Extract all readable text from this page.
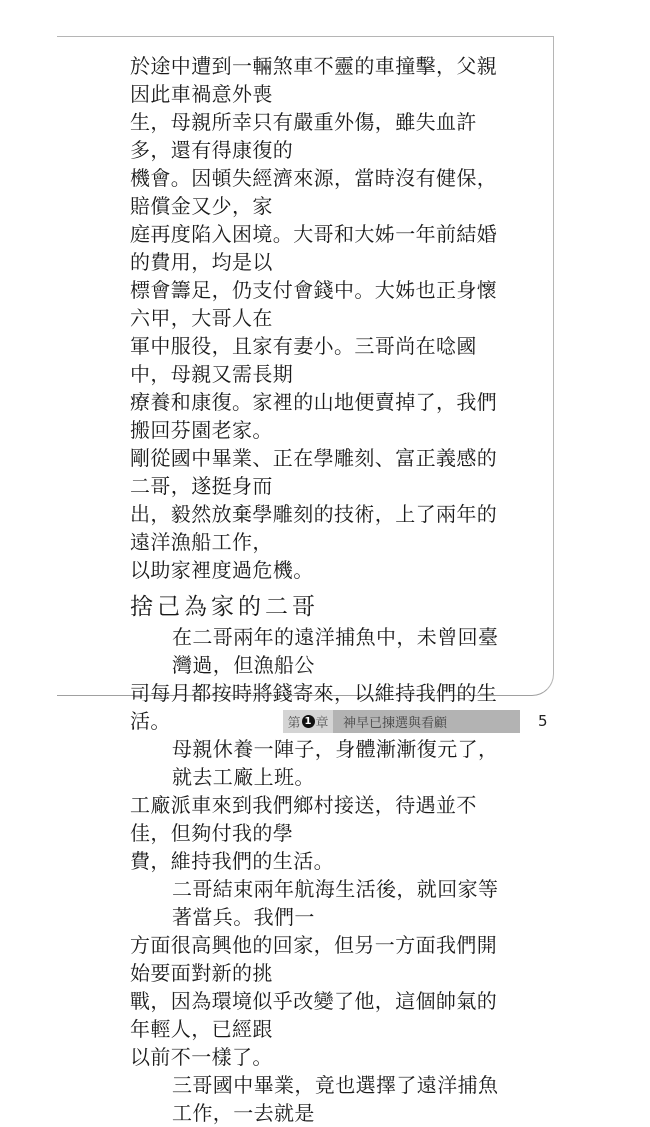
於途中遭到一輛煞車不靈的車撞擊，父親因此車禍意外喪
生，母親所幸只有嚴重外傷，雖失血許多，還有得康復的
機會。因頓失經濟來源，當時沒有健保，賠償金又少，家
庭再度陷入困境。大哥和大姊一年前結婚的費用，均是以
標會籌足，仍支付會錢中。大姊也正身懷六甲，大哥人在
軍中服役，且家有妻小。三哥尚在唸國中，母親又需長期
療養和康復。家裡的山地便賣掉了，我們搬回芬園老家。
剛從國中畢業、正在學雕刻、富正義感的二哥，遂挺身而
出，毅然放棄學雕刻的技術，上了兩年的遠洋漁船工作，
以助家裡度過危機。
捨己為家的二哥
在二哥兩年的遠洋捕魚中，未曾回臺灣過，但漁船公
司每月都按時將錢寄來，以維持我們的生活。
母親休養一陣子，身體漸漸復元了，就去工廠上班。
工廠派車來到我們鄉村接送，待遇並不佳，但夠付我的學
費，維持我們的生活。
二哥結束兩年航海生活後，就回家等著當兵。我們一
方面很高興他的回家，但另一方面我們開始要面對新的挑
戰，因為環境似乎改變了他，這個帥氣的年輕人，已經跟
以前不一樣了。
三哥國中畢業，竟也選擇了遠洋捕魚工作，一去就是
第 1 章	神早已揀選與看顧	5
